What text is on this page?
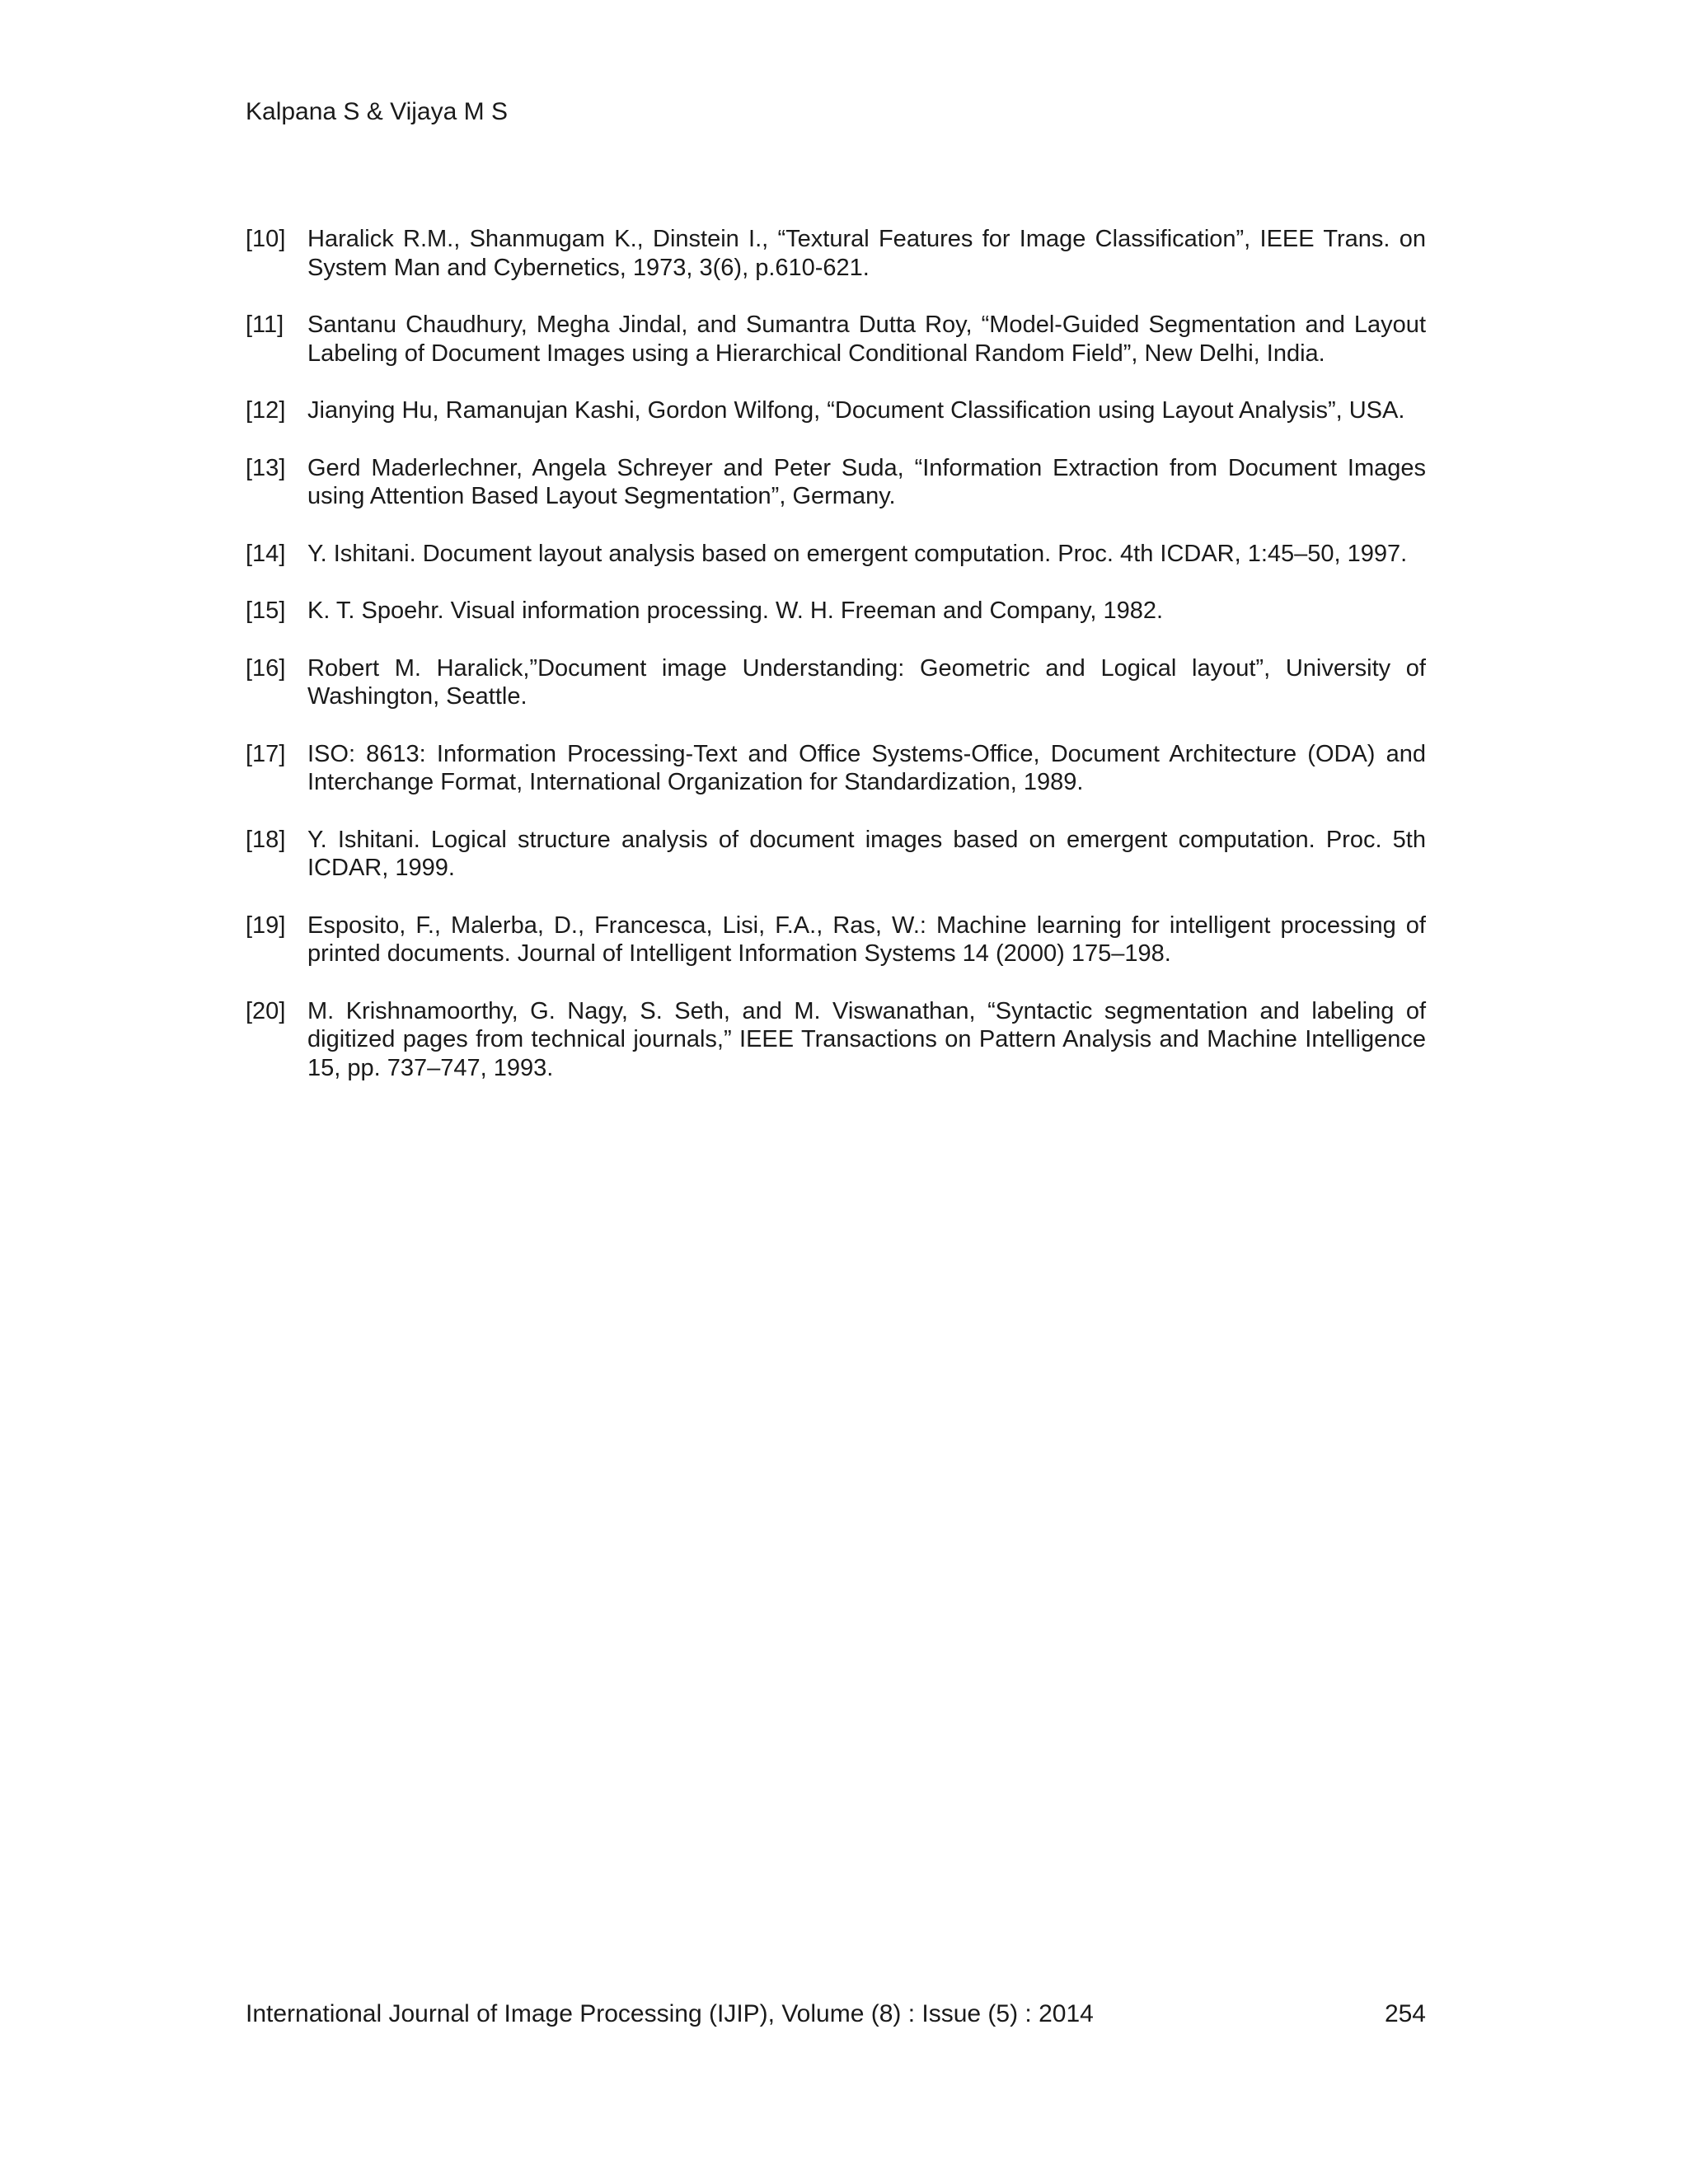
Kalpana S & Vijaya M S
[10] Haralick R.M., Shanmugam K., Dinstein I., “Textural Features for Image Classification”, IEEE Trans. on System Man and Cybernetics, 1973, 3(6), p.610-621.
[11] Santanu Chaudhury, Megha Jindal, and Sumantra Dutta Roy, “Model-Guided Segmentation and Layout Labeling of Document Images using a Hierarchical Conditional Random Field”, New Delhi, India.
[12] Jianying Hu, Ramanujan Kashi, Gordon Wilfong, “Document Classification using Layout Analysis”, USA.
[13] Gerd Maderlechner, Angela Schreyer and Peter Suda, “Information Extraction from Document Images using Attention Based Layout Segmentation”, Germany.
[14] Y. Ishitani. Document layout analysis based on emergent computation. Proc. 4th ICDAR, 1:45–50, 1997.
[15] K. T. Spoehr. Visual information processing. W. H. Freeman and Company, 1982.
[16] Robert M. Haralick,”Document image Understanding: Geometric and Logical layout”, University of Washington, Seattle.
[17] ISO: 8613: Information Processing-Text and Office Systems-Office, Document Architecture (ODA) and Interchange Format, International Organization for Standardization, 1989.
[18] Y. Ishitani. Logical structure analysis of document images based on emergent computation. Proc. 5th ICDAR, 1999.
[19] Esposito, F., Malerba, D., Francesca, Lisi, F.A., Ras, W.: Machine learning for intelligent processing of printed documents. Journal of Intelligent Information Systems 14 (2000) 175–198.
[20] M. Krishnamoorthy, G. Nagy, S. Seth, and M. Viswanathan, “Syntactic segmentation and labeling of digitized pages from technical journals,” IEEE Transactions on Pattern Analysis and Machine Intelligence 15, pp. 737–747, 1993.
International Journal of Image Processing (IJIP), Volume (8) : Issue (5) : 2014	254
